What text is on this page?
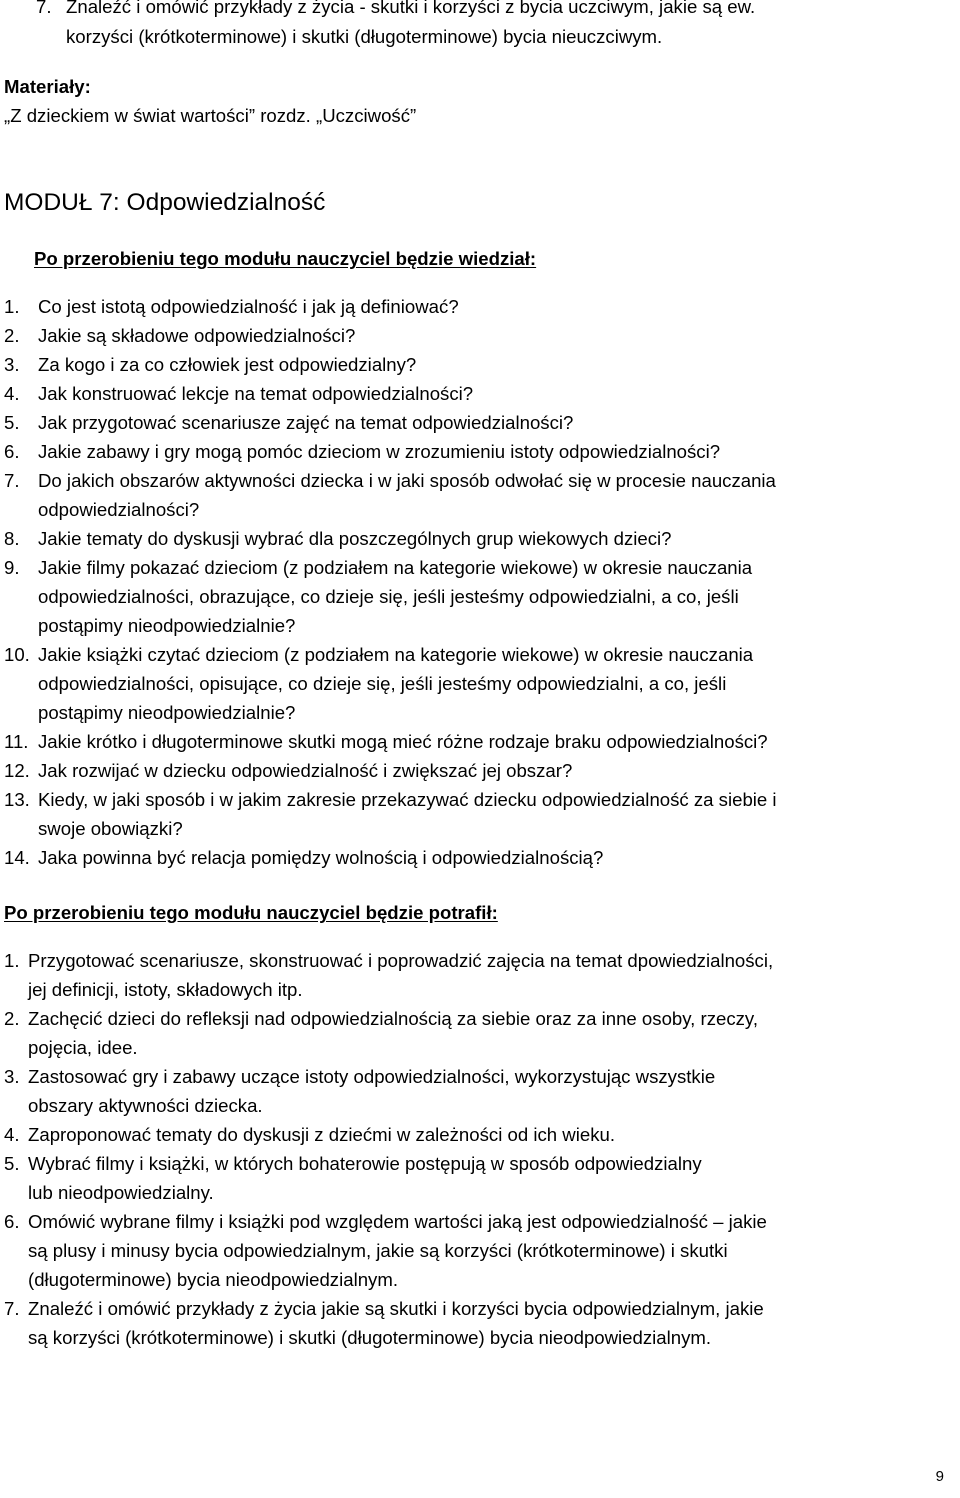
7. Znaleźć i omówić przykłady z życia - skutki i korzyści z bycia uczciwym, jakie są ew.
korzyści (krótkoterminowe) i skutki (długoterminowe) bycia nieuczciwym.
Materiały:
„Z dzieckiem w świat wartości” rozdz. „Uczciwość”
MODUŁ 7: Odpowiedzialność
Po przerobieniu tego modułu nauczyciel będzie wiedział:
1. Co jest istotą odpowiedzialność i jak ją definiować?
2. Jakie są składowe odpowiedzialności?
3. Za kogo i za co człowiek jest odpowiedzialny?
4. Jak konstruować lekcje na temat odpowiedzialności?
5. Jak przygotować scenariusze zajęć na temat odpowiedzialności?
6. Jakie zabawy i gry mogą pomóc dzieciom w zrozumieniu istoty odpowiedzialności?
7. Do jakich obszarów aktywności dziecka i w jaki sposób odwołać się w procesie nauczania
odpowiedzialności?
8. Jakie tematy do dyskusji wybrać dla poszczególnych grup wiekowych dzieci?
9. Jakie filmy pokazać dzieciom (z podziałem na kategorie wiekowe) w okresie nauczania
odpowiedzialności, obrazujące, co dzieje się, jeśli jesteśmy odpowiedzialni, a co, jeśli
postąpimy nieodpowiedzialnie?
10. Jakie książki czytać dzieciom (z podziałem na kategorie wiekowe) w okresie nauczania
odpowiedzialności, opisujące, co dzieje się, jeśli jesteśmy odpowiedzialni, a co, jeśli
postąpimy nieodpowiedzialnie?
11. Jakie krótko i długoterminowe skutki mogą mieć różne rodzaje braku odpowiedzialności?
12. Jak rozwijać w dziecku odpowiedzialność i zwiększać jej obszar?
13. Kiedy, w jaki sposób i w jakim zakresie przekazywać dziecku odpowiedzialność za siebie i
swoje obowiązki?
14. Jaka powinna być relacja pomiędzy wolnością i odpowiedzialnością?
Po przerobieniu tego modułu nauczyciel będzie potrafił:
1. Przygotować scenariusze, skonstruować i poprowadzić zajęcia na temat dpowiedzialności,
jej definicji, istoty, składowych itp.
2. Zachęcić dzieci do refleksji nad odpowiedzialnością za siebie oraz za inne osoby, rzeczy,
pojęcia, idee.
3. Zastosować gry i zabawy uczące istoty odpowiedzialności, wykorzystując wszystkie
obszary aktywności dziecka.
4. Zaproponować tematy do dyskusji z dziećmi w zależności od ich wieku.
5. Wybrać filmy i książki, w których bohaterowie postępują w sposób odpowiedzialny
lub nieodpowiedzialny.
6. Omówić wybrane filmy i książki pod względem wartości jaką jest odpowiedzialność – jakie
są plusy i minusy bycia odpowiedzialnym, jakie są korzyści (krótkoterminowe) i skutki
(długoterminowe) bycia nieodpowiedzialnym.
7. Znaleźć i omówić przykłady z życia jakie są skutki i korzyści bycia odpowiedzialnym, jakie
są korzyści (krótkoterminowe) i skutki (długoterminowe) bycia nieodpowiedzialnym.
9
